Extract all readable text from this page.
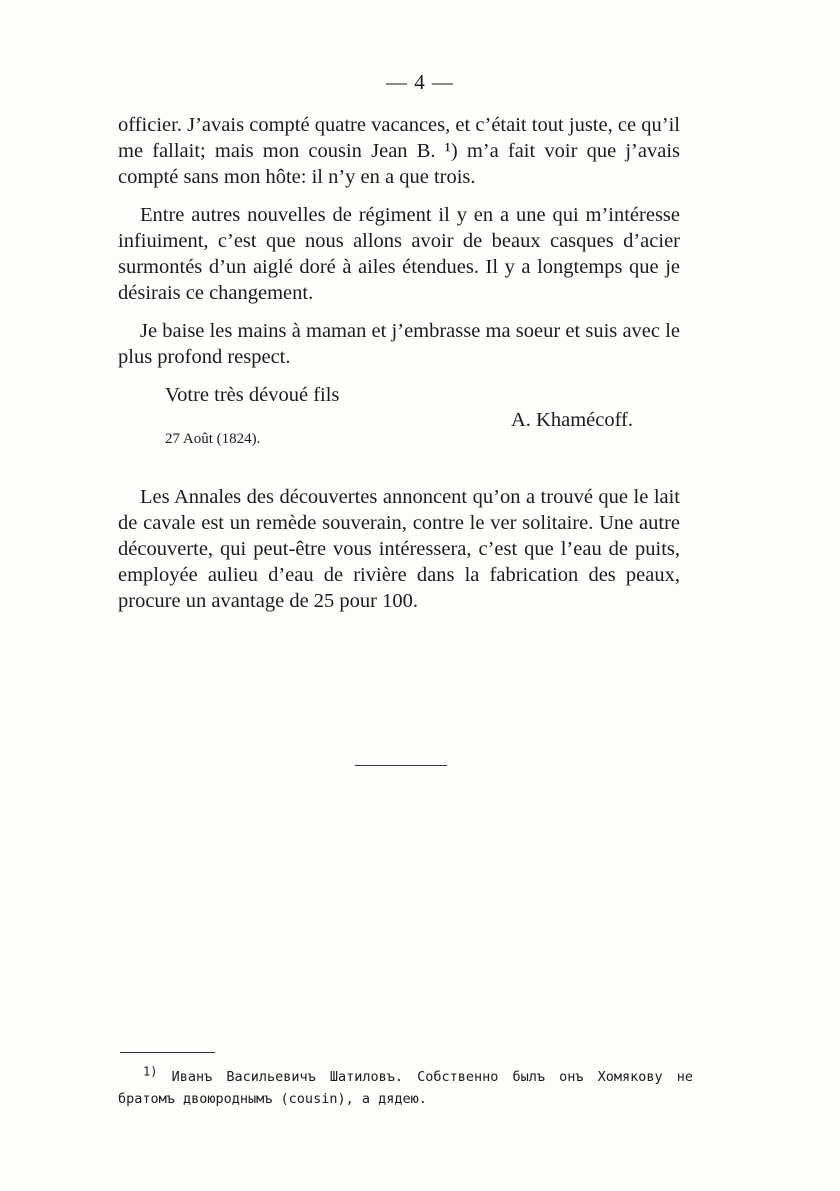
— 4 —

officier. J’avais compté quatre vacances, et c’était tout juste, ce qu’il me fallait; mais mon cousin Jean B. ¹) m’a fait voir que j’avais compté sans mon hôte: il n’y en a que trois.

Entre autres nouvelles de régiment il y en a une qui m’intéresse infiuiment, c’est que nous allons avoir de beaux casques d’acier surmontés d’un aiglé doré à ailes étendues. Il y a longtemps que je désirais ce changement.

Je baise les mains à maman et j’embrasse ma soeur et suis avec le plus profond respect.

Votre très dévoué fils
A. Khamécoff.
27 Août (1824).

Les Annales des découvertes annoncent qu’on a trouvé que le lait de cavale est un remède souverain, contre le ver solitaire. Une autre découverte, qui peut-être vous intéressera, c’est que l’eau de puits, employée aulieu d’eau de rivière dans la fabrication des peaux, procure un avantage de 25 pour 100.

$^{1)}$ Иванъ Васильевичъ Шатиловъ. Собственно былъ онъ Хомякову не братомъ двоюроднымъ (cousin), а дядею.
